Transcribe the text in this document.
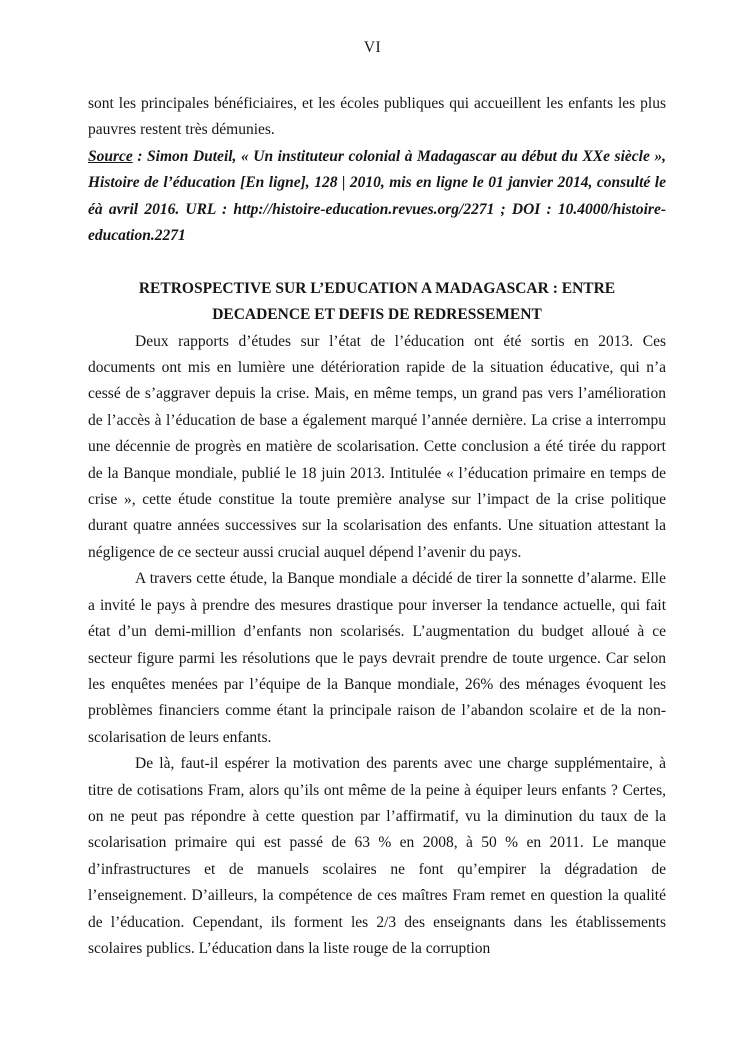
VI

sont les principales bénéficiaires, et les écoles publiques qui accueillent les enfants les plus pauvres restent très démunies.

Source : Simon Duteil, « Un instituteur colonial à Madagascar au début du XXe siècle », Histoire de l’éducation [En ligne], 128 | 2010, mis en ligne le 01 janvier 2014, consulté le éà avril 2016. URL : http://histoire-education.revues.org/2271 ; DOI : 10.4000/histoire-education.2271

RETROSPECTIVE SUR L’EDUCATION A MADAGASCAR : ENTRE DECADENCE ET DEFIS DE REDRESSEMENT

Deux rapports d’études sur l’état de l’éducation ont été sortis en 2013. Ces documents ont mis en lumière une détérioration rapide de la situation éducative, qui n’a cessé de s’aggraver depuis la crise. Mais, en même temps, un grand pas vers l’amélioration de l’accès à l’éducation de base a également marqué l’année dernière. La crise a interrompu une décennie de progrès en matière de scolarisation. Cette conclusion a été tirée du rapport de la Banque mondiale, publié le 18 juin 2013. Intitulée « l’éducation primaire en temps de crise », cette étude constitue la toute première analyse sur l’impact de la crise politique durant quatre années successives sur la scolarisation des enfants. Une situation attestant la négligence de ce secteur aussi crucial auquel dépend l’avenir du pays.

A travers cette étude, la Banque mondiale a décidé de tirer la sonnette d’alarme. Elle a invité le pays à prendre des mesures drastique pour inverser la tendance actuelle, qui fait état d’un demi-million d’enfants non scolarisés. L’augmentation du budget alloué à ce secteur figure parmi les résolutions que le pays devrait prendre de toute urgence. Car selon les enquêtes menées par l’équipe de la Banque mondiale, 26% des ménages évoquent les problèmes financiers comme étant la principale raison de l’abandon scolaire et de la non-scolarisation de leurs enfants.

De là, faut-il espérer la motivation des parents avec une charge supplémentaire, à titre de cotisations Fram, alors qu’ils ont même de la peine à équiper leurs enfants ? Certes, on ne peut pas répondre à cette question par l’affirmatif, vu la diminution du taux de la scolarisation primaire qui est passé de 63 % en 2008, à 50 % en 2011. Le manque d’infrastructures et de manuels scolaires ne font qu’empirer la dégradation de l’enseignement. D’ailleurs, la compétence de ces maîtres Fram remet en question la qualité de l’éducation. Cependant, ils forment les 2/3 des enseignants dans les établissements scolaires publics. L’éducation dans la liste rouge de la corruption
